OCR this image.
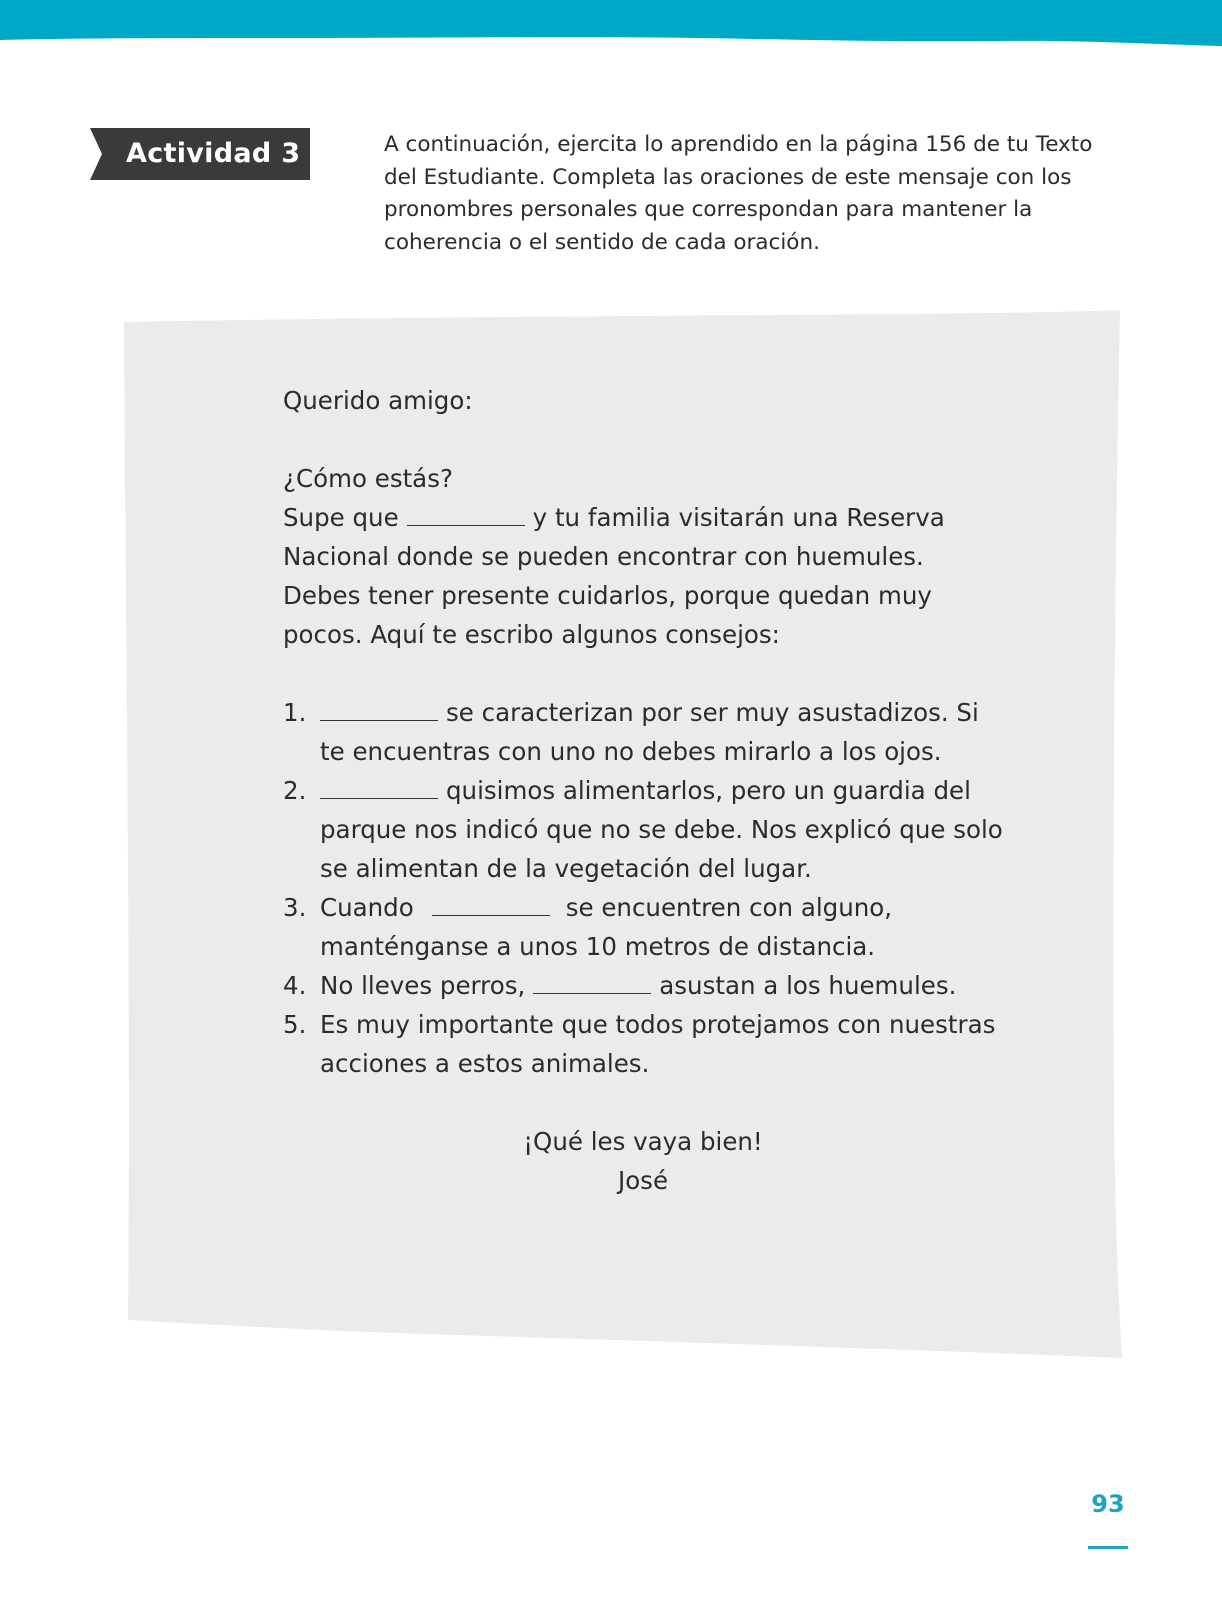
Actividad 3	A continuación, ejercita lo aprendido en la página 156 de tu Texto del Estudiante. Completa las oraciones de este mensaje con los pronombres personales que correspondan para mantener la coherencia o el sentido de cada oración.

Querido amigo:

¿Cómo estás?

Supe que	y tu familia visitarán una Reserva Nacional donde se pueden encontrar con huemules. Debes tener presente cuidarlos, porque quedan muy pocos. Aquí te escribo algunos consejos:

1.	se caracterizan por ser muy asustadizos. Si te encuentras con uno no debes mirarlo a los ojos.
2.	quisimos alimentarlos, pero un guardia del parque nos indicó que no se debe. Nos explicó que solo se alimentan de la vegetación del lugar.
3. Cuando	se encuentren con alguno, manténganse a unos 10 metros de distancia.
4. No lleves perros,	asustan a los huemules.
5. Es muy importante que todos protejamos con nuestras acciones a estos animales.

¡Qué les vaya bien!

José

93
